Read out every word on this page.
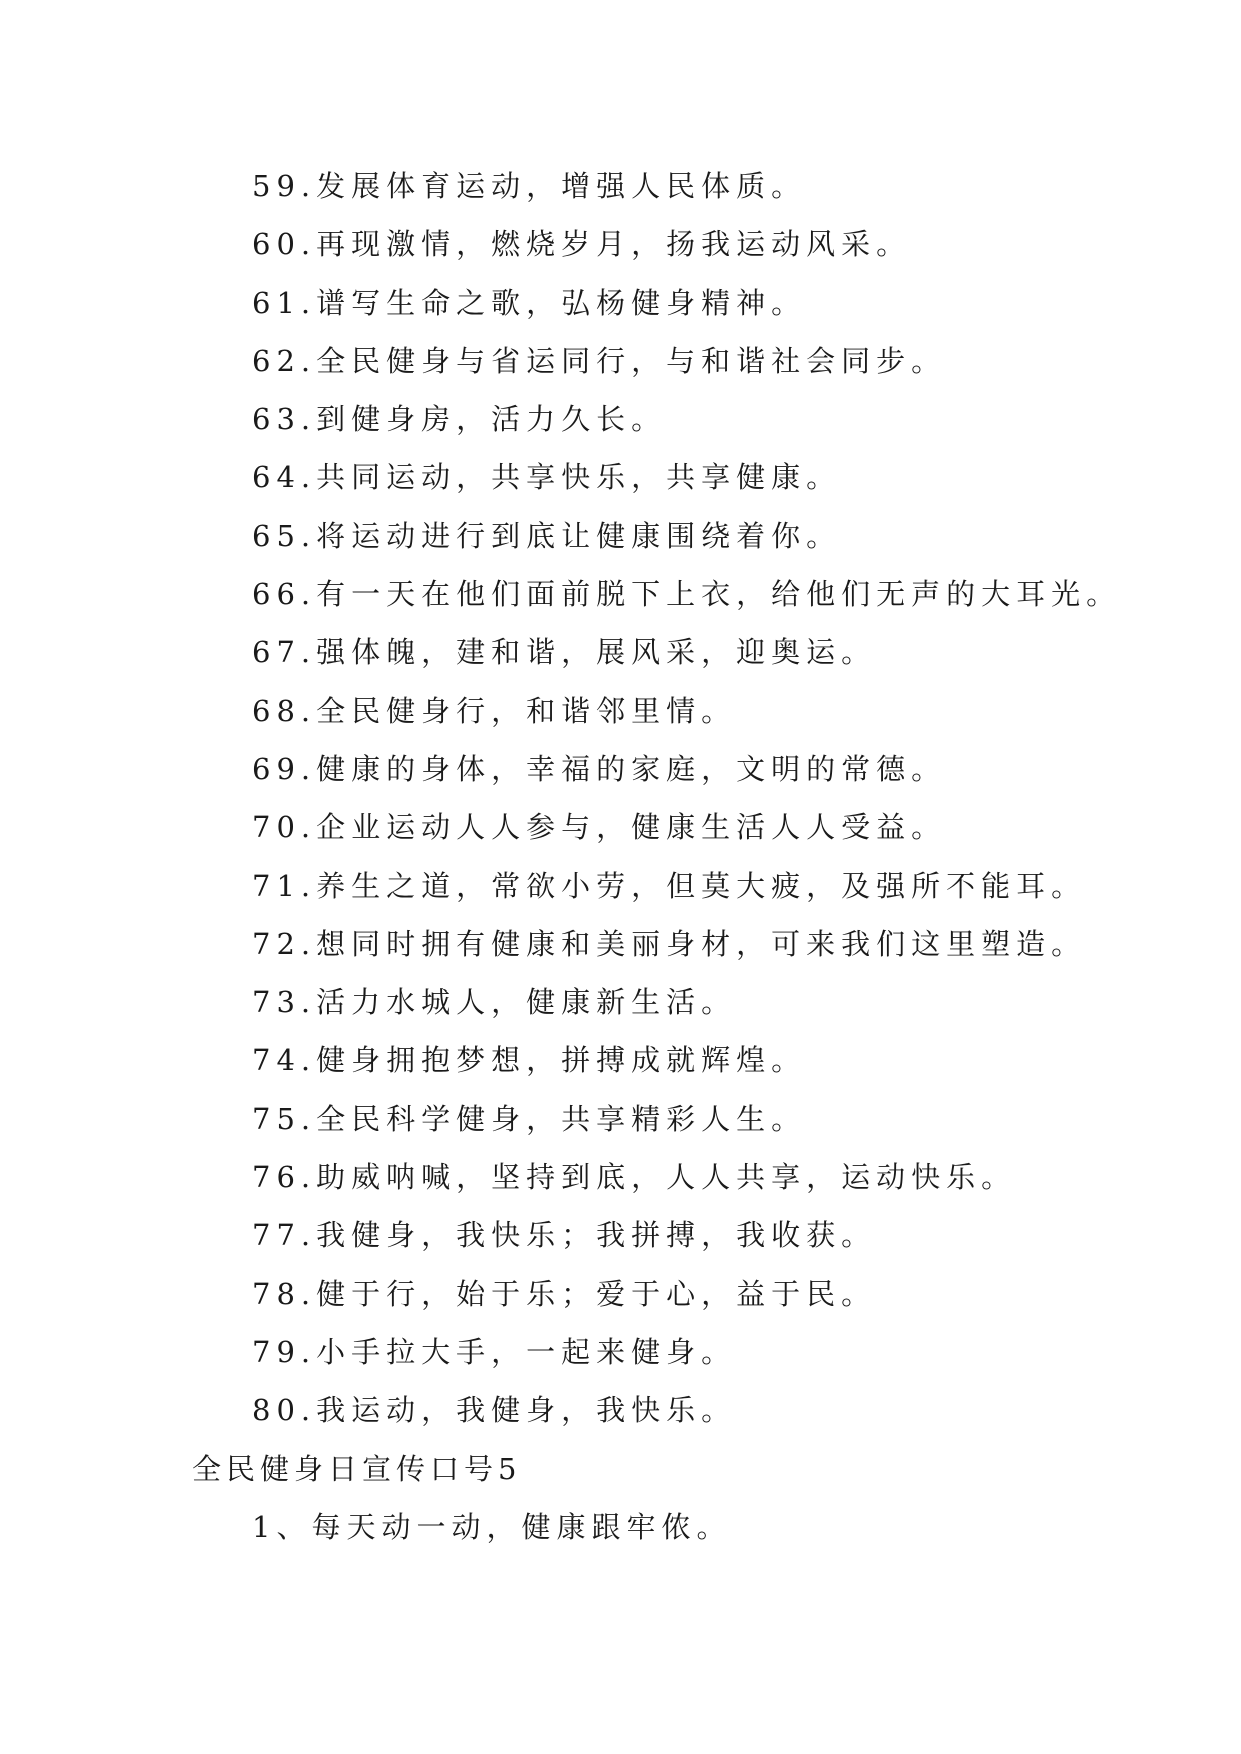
59.发展体育运动，增强人民体质。
60.再现激情，燃烧岁月，扬我运动风采。
61.谱写生命之歌，弘杨健身精神。
62.全民健身与省运同行，与和谐社会同步。
63.到健身房，活力久长。
64.共同运动，共享快乐，共享健康。
65.将运动进行到底让健康围绕着你。
66.有一天在他们面前脱下上衣，给他们无声的大耳光。
67.强体魄，建和谐，展风采，迎奥运。
68.全民健身行，和谐邻里情。
69.健康的身体，幸福的家庭，文明的常德。
70.企业运动人人参与，健康生活人人受益。
71.养生之道，常欲小劳，但莫大疲，及强所不能耳。
72.想同时拥有健康和美丽身材，可来我们这里塑造。
73.活力水城人，健康新生活。
74.健身拥抱梦想，拼搏成就辉煌。
75.全民科学健身，共享精彩人生。
76.助威呐喊，坚持到底，人人共享，运动快乐。
77.我健身，我快乐；我拼搏，我收获。
78.健于行，始于乐；爱于心，益于民。
79.小手拉大手，一起来健身。
80.我运动，我健身，我快乐。
全民健身日宣传口号5
1、每天动一动，健康跟牢侬。
